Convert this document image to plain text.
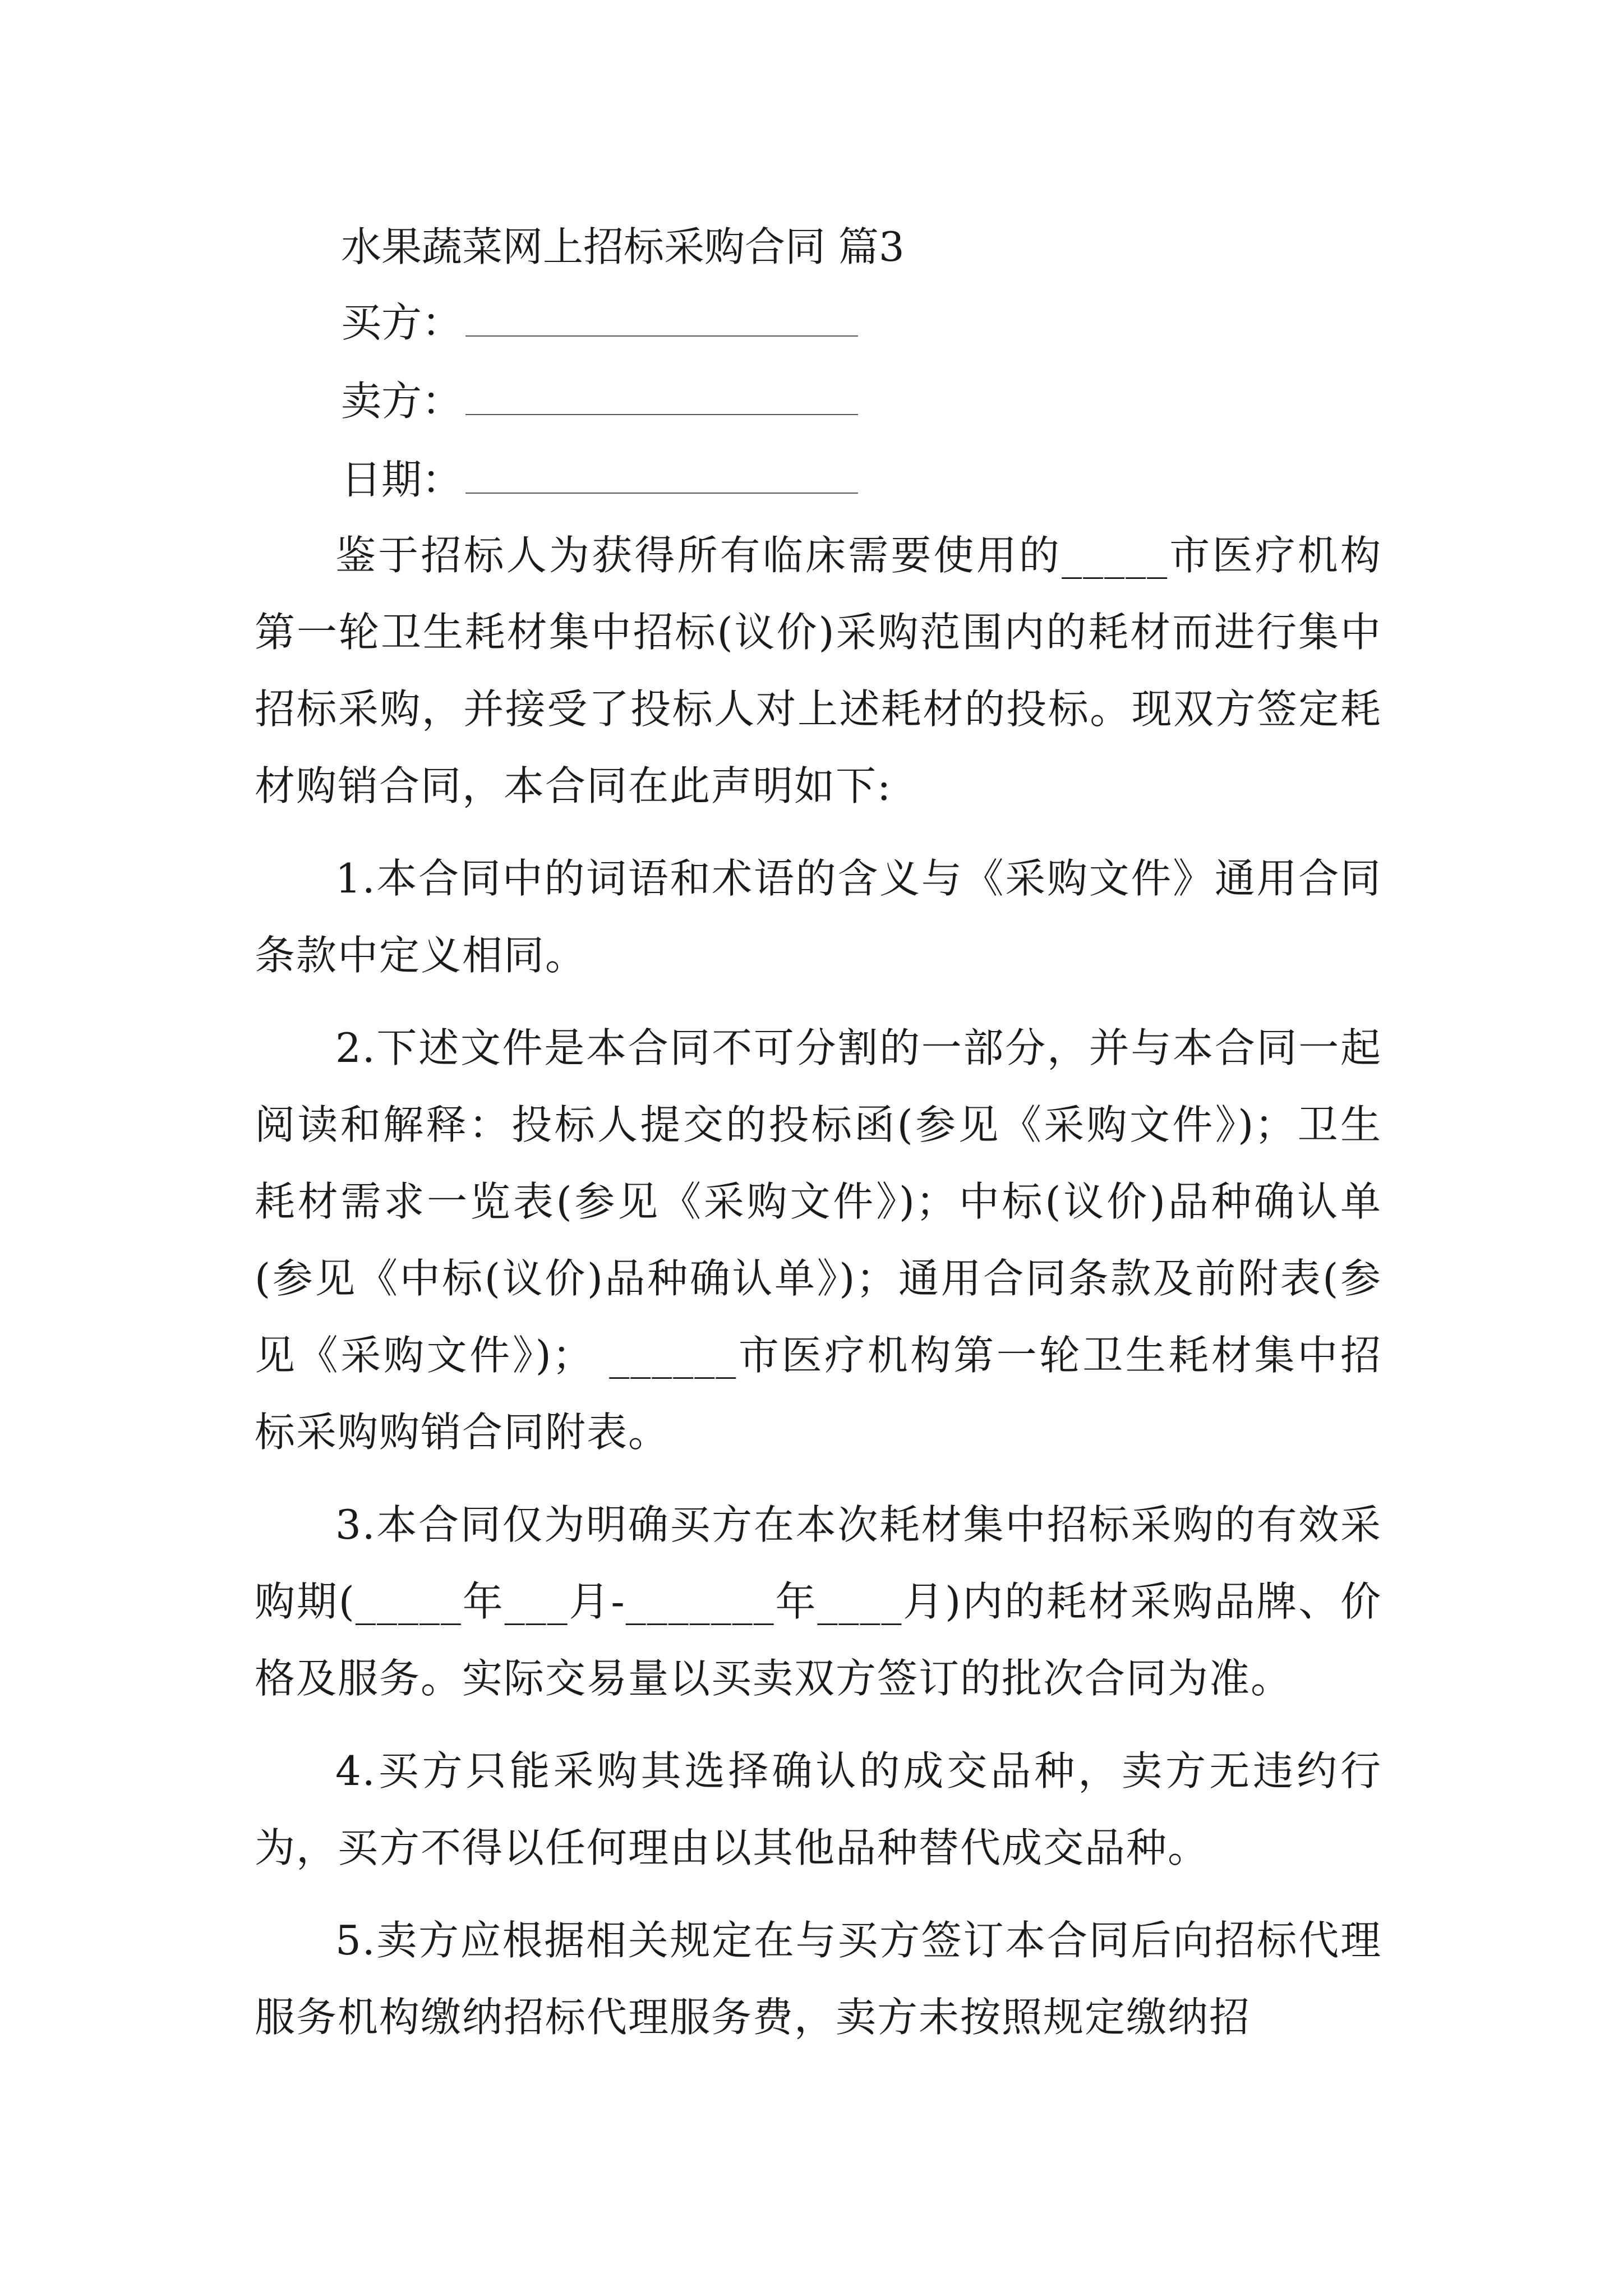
水果蔬菜网上招标采购合同 篇3
买方：
卖方：
日期：

鉴于招标人为获得所有临床需要使用的_____市医疗机构第一轮卫生耗材集中招标(议价)采购范围内的耗材而进行集中招标采购，并接受了投标人对上述耗材的投标。现双方签定耗材购销合同，本合同在此声明如下:

1.本合同中的词语和术语的含义与《采购文件》通用合同条款中定义相同。

2.下述文件是本合同不可分割的一部分，并与本合同一起阅读和解释：投标人提交的投标函(参见《采购文件》)；卫生耗材需求一览表(参见《采购文件》)；中标(议价)品种确认单(参见《中标(议价)品种确认单》)；通用合同条款及前附表(参见《采购文件》)； ______市医疗机构第一轮卫生耗材集中招标采购购销合同附表。

3.本合同仅为明确买方在本次耗材集中招标采购的有效采购期(_____年___月-_______年____月)内的耗材采购品牌、价格及服务。实际交易量以买卖双方签订的批次合同为准。

4.买方只能采购其选择确认的成交品种，卖方无违约行为，买方不得以任何理由以其他品种替代成交品种。

5.卖方应根据相关规定在与买方签订本合同后向招标代理服务机构缴纳招标代理服务费，卖方未按照规定缴纳招
